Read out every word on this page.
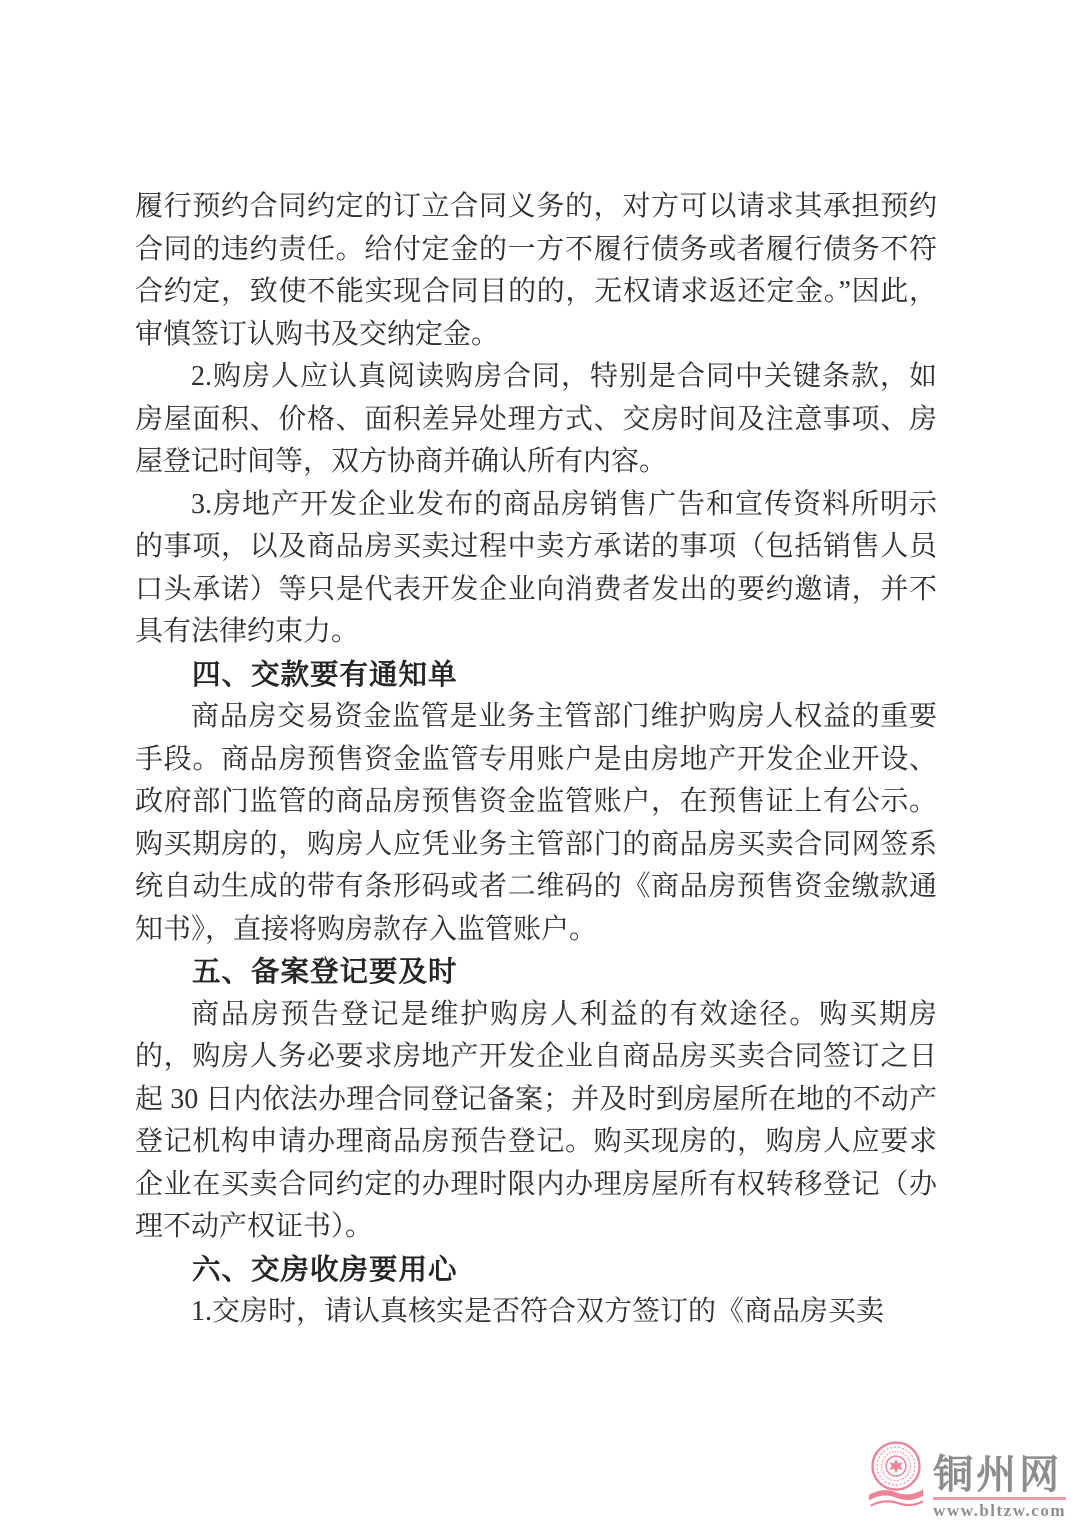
履行预约合同约定的订立合同义务的，对方可以请求其承担预约合同的违约责任。给付定金的一方不履行债务或者履行债务不符合约定，致使不能实现合同目的的，无权请求返还定金。”因此，审慎签订认购书及交纳定金。

2.购房人应认真阅读购房合同，特别是合同中关键条款，如房屋面积、价格、面积差异处理方式、交房时间及注意事项、房屋登记时间等，双方协商并确认所有内容。

3.房地产开发企业发布的商品房销售广告和宣传资料所明示的事项，以及商品房买卖过程中卖方承诺的事项（包括销售人员口头承诺）等只是代表开发企业向消费者发出的要约邀请，并不具有法律约束力。

四、交款要有通知单

商品房交易资金监管是业务主管部门维护购房人权益的重要手段。商品房预售资金监管专用账户是由房地产开发企业开设、政府部门监管的商品房预售资金监管账户，在预售证上有公示。购买期房的，购房人应凭业务主管部门的商品房买卖合同网签系统自动生成的带有条形码或者二维码的《商品房预售资金缴款通知书》，直接将购房款存入监管账户。

五、备案登记要及时

商品房预告登记是维护购房人利益的有效途径。购买期房的，购房人务必要求房地产开发企业自商品房买卖合同签订之日起 30 日内依法办理合同登记备案；并及时到房屋所在地的不动产登记机构申请办理商品房预告登记。购买现房的，购房人应要求企业在买卖合同约定的办理时限内办理房屋所有权转移登记（办理不动产权证书）。

六、交房收房要用心

1.交房时，请认真核实是否符合双方签订的《商品房买卖

铜州网
www.bltzw.com
